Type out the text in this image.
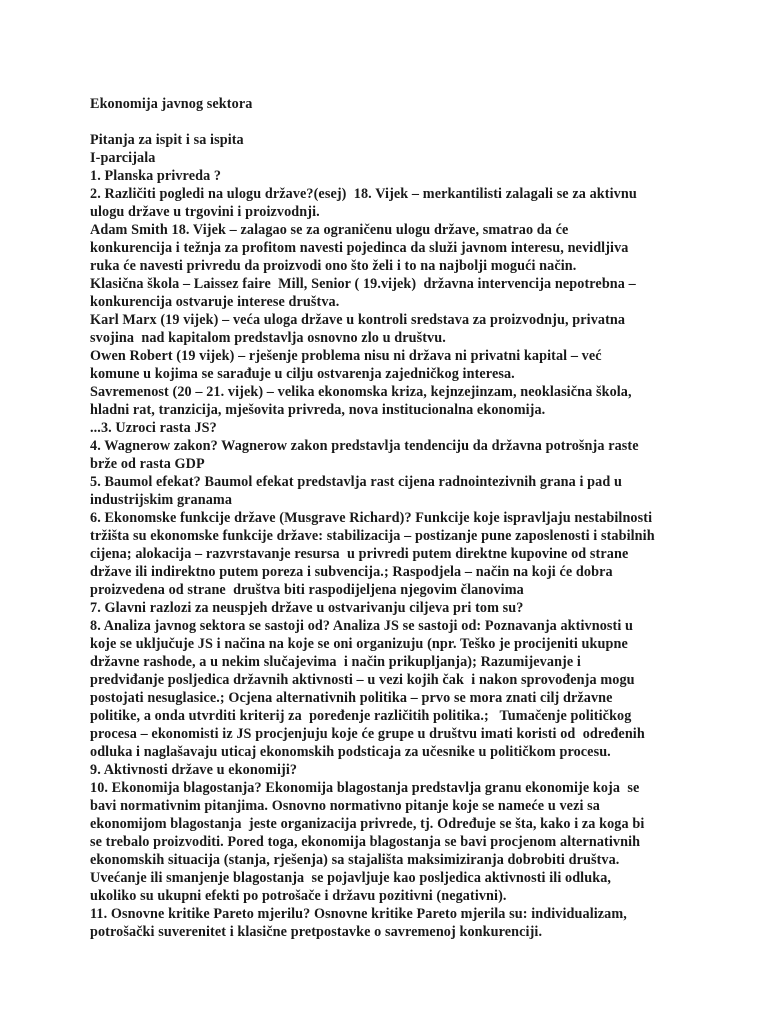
Ekonomija javnog sektora
Pitanja za ispit i sa ispita
I-parcijala
1. Planska privreda ?
2. Različiti pogledi na ulogu države?(esej)  18. Vijek – merkantilisti zalagali se za aktivnu
ulogu države u trgovini i proizvodnji.
Adam Smith 18. Vijek – zalagao se za ograničenu ulogu države, smatrao da će
konkurencija i težnja za profitom navesti pojedinca da služi javnom interesu, nevidljiva
ruka će navesti privredu da proizvodi ono što želi i to na najbolji mogući način.
Klasična škola – Laissez faire  Mill, Senior ( 19.vijek)  državna intervencija nepotrebna –
konkurencija ostvaruje interese društva.
Karl Marx (19 vijek) – veća uloga države u kontroli sredstava za proizvodnju, privatna
svojina  nad kapitalom predstavlja osnovno zlo u društvu.
Owen Robert (19 vijek) – rješenje problema nisu ni država ni privatni kapital – već
komune u kojima se sarađuje u cilju ostvarenja zajedničkog interesa.
Savremenost (20 – 21. vijek) – velika ekonomska kriza, kejnzejinzam, neoklasična škola,
hladni rat, tranzicija, mješovita privreda, nova institucionalna ekonomija.
...3. Uzroci rasta JS?
4. Wagnerow zakon? Wagnerow zakon predstavlja tendenciju da državna potrošnja raste
brže od rasta GDP
5. Baumol efekat? Baumol efekat predstavlja rast cijena radnointezivnih grana i pad u
industrijskim granama
6. Ekonomske funkcije države (Musgrave Richard)? Funkcije koje ispravljaju nestabilnosti
tržišta su ekonomske funkcije države: stabilizacija – postizanje pune zaposlenosti i stabilnih
cijena; alokacija – razvrstavanje resursa  u privredi putem direktne kupovine od strane
države ili indirektno putem poreza i subvencija.; Raspodjela – način na koji će dobra
proizvedena od strane  društva biti raspodijeljena njegovim članovima
7. Glavni razlozi za neuspjeh države u ostvarivanju ciljeva pri tom su?
8. Analiza javnog sektora se sastoji od? Analiza JS se sastoji od: Poznavanja aktivnosti u
koje se uključuje JS i načina na koje se oni organizuju (npr. Teško je procijeniti ukupne
državne rashode, a u nekim slučajevima  i način prikupljanja); Razumijevanje i
predviđanje posljedica državnih aktivnosti – u vezi kojih čak  i nakon sprovođenja mogu
postojati nesuglasice.; Ocjena alternativnih politika – prvo se mora znati cilj državne
politike, a onda utvrditi kriterij za  poređenje različitih politika.;   Tumačenje političkog
procesa – ekonomisti iz JS procjenjuju koje će grupe u društvu imati koristi od  određenih
odluka i naglašavaju uticaj ekonomskih podsticaja za učesnike u političkom procesu.
9. Aktivnosti države u ekonomiji?
10. Ekonomija blagostanja? Ekonomija blagostanja predstavlja granu ekonomije koja  se
bavi normativnim pitanjima. Osnovno normativno pitanje koje se nameće u vezi sa
ekonomijom blagostanja  jeste organizacija privrede, tj. Određuje se šta, kako i za koga bi
se trebalo proizvoditi. Pored toga, ekonomija blagostanja se bavi procjenom alternativnih
ekonomskih situacija (stanja, rješenja) sa stajališta maksimiziranja dobrobiti društva.
Uvećanje ili smanjenje blagostanja  se pojavljuje kao posljedica aktivnosti ili odluka,
ukoliko su ukupni efekti po potrošače i državu pozitivni (negativni).
11. Osnovne kritike Pareto mjerilu? Osnovne kritike Pareto mjerila su: individualizam,
potrošački suverenitet i klasične pretpostavke o savremenoj konkurenciji.
